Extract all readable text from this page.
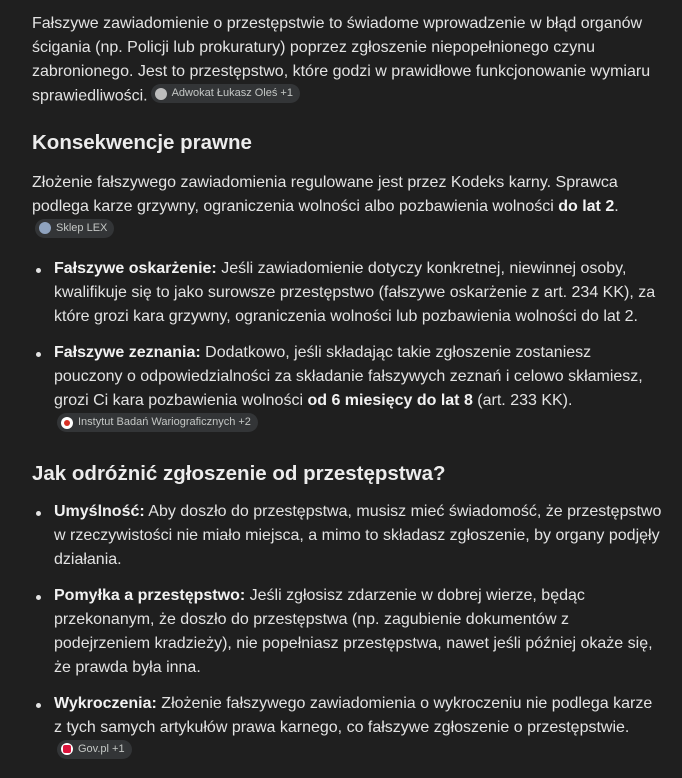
Fałszywe zawiadomienie o przestępstwie to świadome wprowadzenie w błąd organów ścigania (np. Policji lub prokuratury) poprzez zgłoszenie niepopełnionego czynu zabronionego. Jest to przestępstwo, które godzi w prawidłowe funkcjonowanie wymiaru sprawiedliwości. Adwokat Łukasz Oleś +1

Konsekwencje prawne

Złożenie fałszywego zawiadomienia regulowane jest przez Kodeks karny. Sprawca podlega karze grzywny, ograniczenia wolności albo pozbawienia wolności do lat 2.
Sklep LEX

Fałszywe oskarżenie: Jeśli zawiadomienie dotyczy konkretnej, niewinnej osoby, kwalifikuje się to jako surowsze przestępstwo (fałszywe oskarżenie z art. 234 KK), za które grozi kara grzywny, ograniczenia wolności lub pozbawienia wolności do lat 2.
Fałszywe zeznania: Dodatkowo, jeśli składając takie zgłoszenie zostaniesz pouczony o odpowiedzialności za składanie fałszywych zeznań i celowo skłamiesz, grozi Ci kara pozbawienia wolności od 6 miesięcy do lat 8 (art. 233 KK).
Instytut Badań Wariograficznych +2
Jak odróżnić zgłoszenie od przestępstwa?
Umyślność: Aby doszło do przestępstwa, musisz mieć świadomość, że przestępstwo w rzeczywistości nie miało miejsca, a mimo to składasz zgłoszenie, by organy podjęły działania.
Pomyłka a przestępstwo: Jeśli zgłosisz zdarzenie w dobrej wierze, będąc przekonanym, że doszło do przestępstwa (np. zagubienie dokumentów z podejrzeniem kradzieży), nie popełniasz przestępstwa, nawet jeśli później okaże się, że prawda była inna.
Wykroczenia: Złożenie fałszywego zawiadomienia o wykroczeniu nie podlega karze z tych samych artykułów prawa karnego, co fałszywe zgłoszenie o przestępstwie.
Gov.pl +1
